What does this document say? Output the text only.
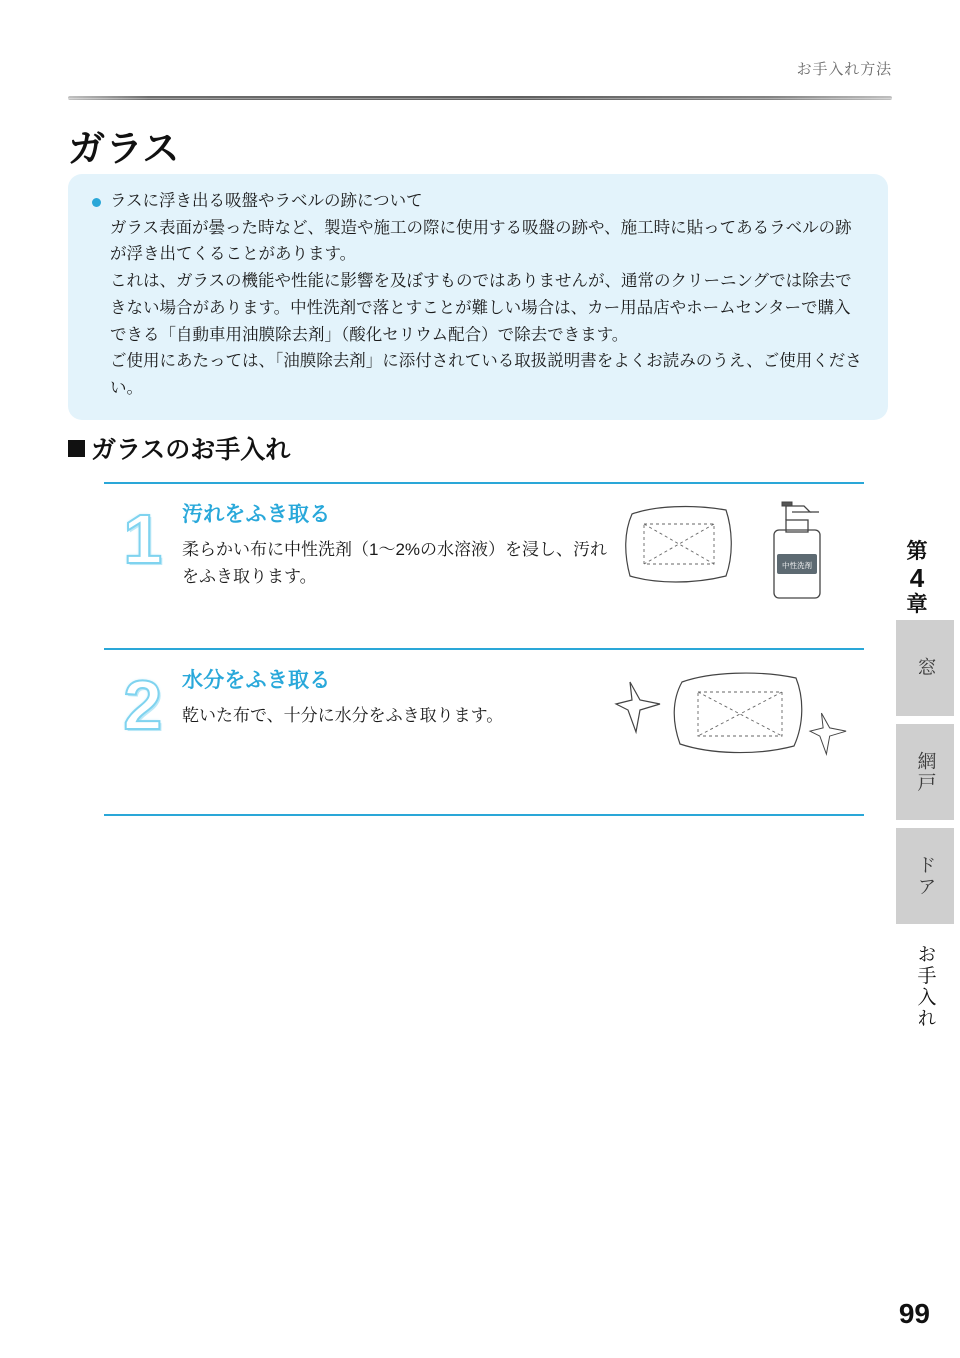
お手入れ方法
ガラス
ラスに浮き出る吸盤やラベルの跡について

ガラス表面が曇った時など、製造や施工の際に使用する吸盤の跡や、施工時に貼ってあるラベルの跡が浮き出てくることがあります。

これは、ガラスの機能や性能に影響を及ぼすものではありませんが、通常のクリーニングでは除去できない場合があります。中性洗剤で落とすことが難しい場合は、カー用品店やホームセンターで購入できる「自動車用油膜除去剤」（酸化セリウム配合）で除去できます。

ご使用にあたっては、「油膜除去剤」に添付されている取扱説明書をよくお読みのうえ、ご使用ください。

ガラスのお手入れ
1	汚れをふき取る
柔らかい布に中性洗剤（1〜2%の水溶液）を浸し、汚れをふき取ります。
中性洗剤
2	水分をふき取る
乾いた布で、十分に水分をふき取ります。
第
4
章
窓
網戸
ドア
お手入れ
99
